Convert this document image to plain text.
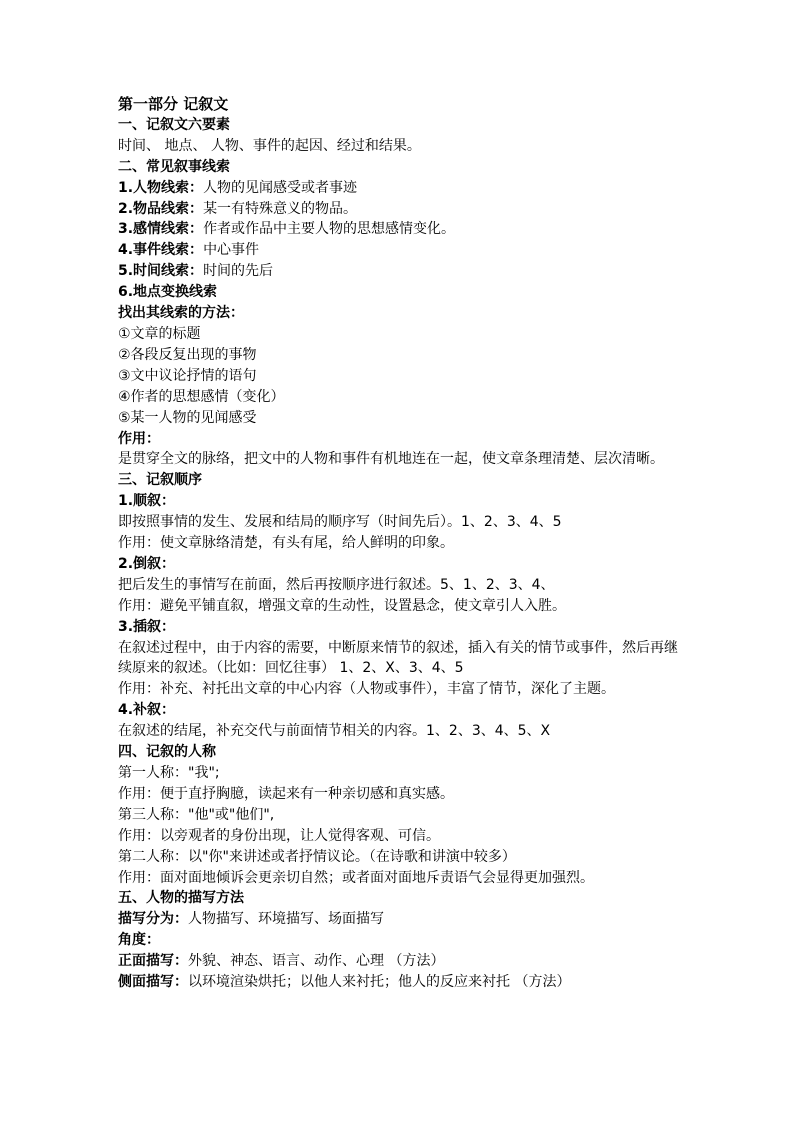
第一部分 记叙文
一、记叙文六要素
时间、 地点、 人物、事件的起因、经过和结果。
二、常见叙事线索
1.人物线索：人物的见闻感受或者事迹
2.物品线索：某一有特殊意义的物品。
3.感情线索：作者或作品中主要人物的思想感情变化。
4.事件线索：中心事件
5.时间线索：时间的先后
6.地点变换线索
找出其线索的方法：
①文章的标题
②各段反复出现的事物
③文中议论抒情的语句
④作者的思想感情（变化）
⑤某一人物的见闻感受
作用：
是贯穿全文的脉络，把文中的人物和事件有机地连在一起，使文章条理清楚、层次清晰。
三、记叙顺序
1.顺叙：
即按照事情的发生、发展和结局的顺序写（时间先后）。1、2、3、4、5
作用：使文章脉络清楚，有头有尾，给人鲜明的印象。
2.倒叙：
把后发生的事情写在前面，然后再按顺序进行叙述。5、1、2、3、4、
作用：避免平铺直叙，增强文章的生动性，设置悬念，使文章引人入胜。
3.插叙：
在叙述过程中，由于内容的需要，中断原来情节的叙述，插入有关的情节或事件，然后再继续原来的叙述。（比如：回忆往事） 1、2、X、3、4、5
作用：补充、衬托出文章的中心内容（人物或事件），丰富了情节，深化了主题。
4.补叙：
在叙述的结尾，补充交代与前面情节相关的内容。1、2、3、4、5、X
四、记叙的人称
第一人称："我";
作用：便于直抒胸臆，读起来有一种亲切感和真实感。
第三人称："他"或"他们",
作用：以旁观者的身份出现，让人觉得客观、可信。
第二人称：以"你"来讲述或者抒情议论。（在诗歌和讲演中较多）
作用：面对面地倾诉会更亲切自然；或者面对面地斥责语气会显得更加强烈。
五、人物的描写方法
描写分为：人物描写、环境描写、场面描写
角度：
正面描写：外貌、神态、语言、动作、心理 （方法）
侧面描写：以环境渲染烘托；以他人来衬托；他人的反应来衬托 （方法）
